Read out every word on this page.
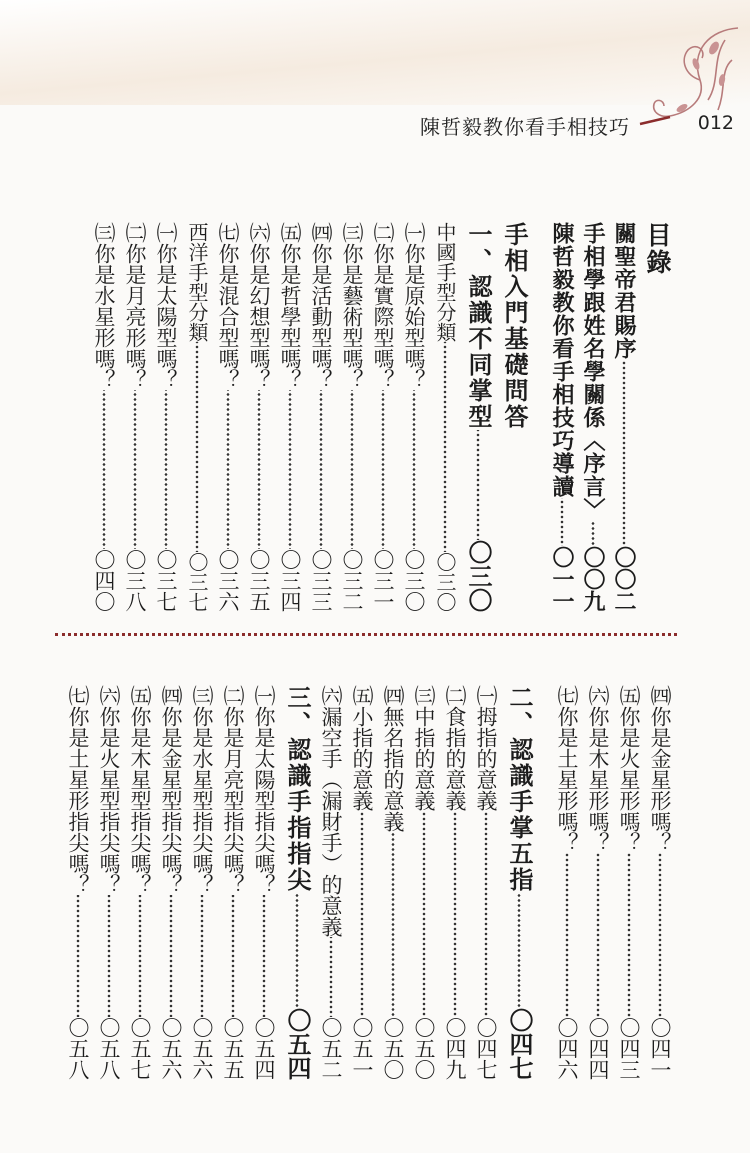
陳哲毅教你看手相技巧	012
目錄
關聖帝君賜序
〇〇二
手相學跟姓名學關係〈序言〉
〇〇九
陳哲毅教你看手相技巧導讀
〇一一
手相入門基礎問答
一、認識不同掌型
〇三〇
中國手型分類
〇三〇
㈠你是原始型嗎？
〇三〇
㈡你是實際型嗎？
〇三一
㈢你是藝術型嗎？
〇三二
㈣你是活動型嗎？
〇三三
㈤你是哲學型嗎？
〇三四
㈥你是幻想型嗎？
〇三五
㈦你是混合型嗎？
〇三六
西洋手型分類
〇三七
㈠你是太陽型嗎？
〇三七
㈡你是月亮形嗎？
〇三八
㈢你是水星形嗎？
〇四〇
㈣你是金星形嗎？
〇四一
㈤你是火星形嗎？
〇四三
㈥你是木星形嗎？
〇四四
㈦你是土星形嗎？
〇四六
二、認識手掌五指
〇四七
㈠拇指的意義
〇四七
㈡食指的意義
〇四九
㈢中指的意義
〇五〇
㈣無名指的意義
〇五〇
㈤小指的意義
〇五一
㈥漏空手（漏財手）的意義
〇五二
三、認識手指指尖
〇五四
㈠你是太陽型指尖嗎？
〇五四
㈡你是月亮型指尖嗎？
〇五五
㈢你是水星型指尖嗎？
〇五六
㈣你是金星型指尖嗎？
〇五六
㈤你是木星型指尖嗎？
〇五七
㈥你是火星型指尖嗎？
〇五八
㈦你是土星形指尖嗎？
〇五八
